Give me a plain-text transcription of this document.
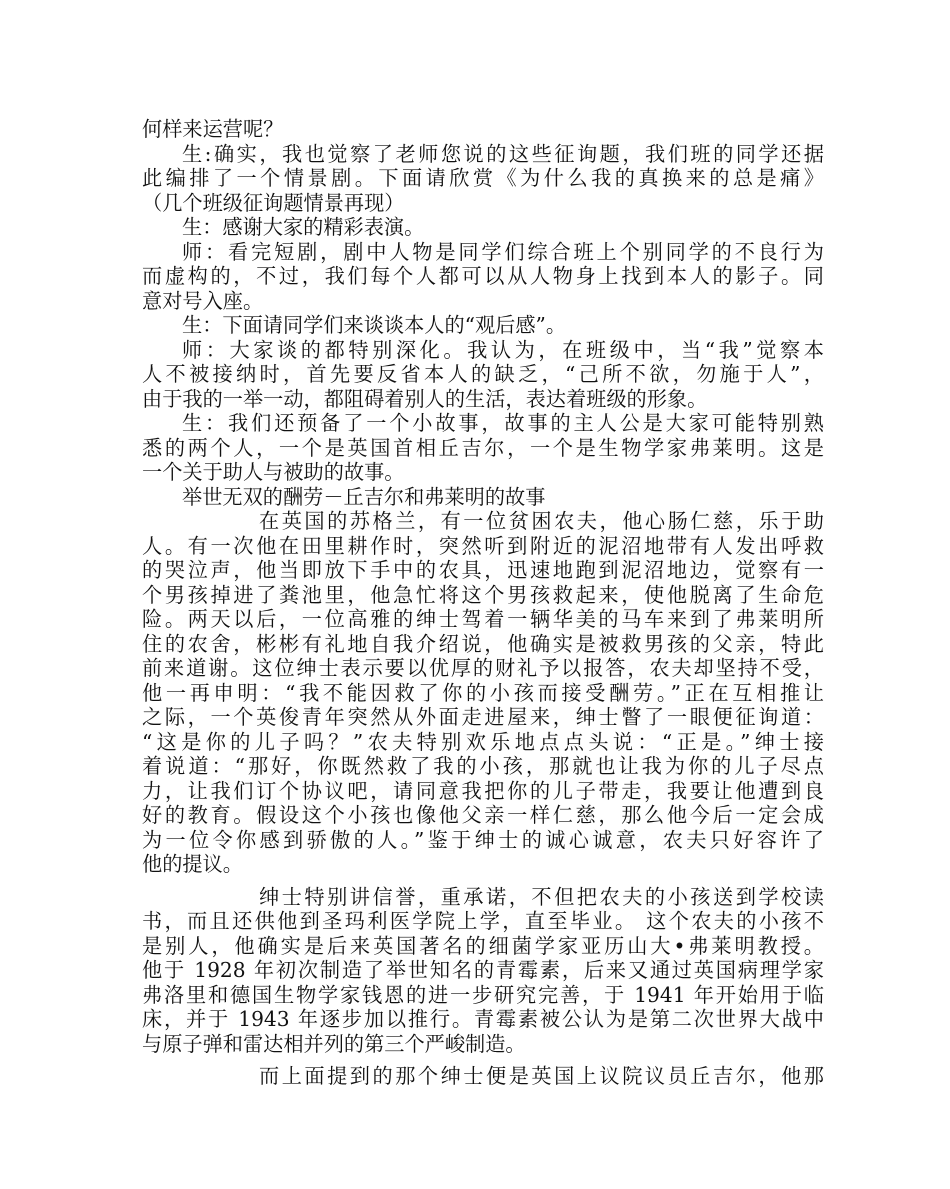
何样来运营呢？
生:确实，我也觉察了老师您说的这些征询题，我们班的同学还据
此编排了一个情景剧。下面请欣赏《为什么我的真换来的总是痛》
（几个班级征询题情景再现）
生：感谢大家的精彩表演。
师：看完短剧，剧中人物是同学们综合班上个别同学的不良行为
而虚构的，不过，我们每个人都可以从人物身上找到本人的影子。同
意对号入座。
生：下面请同学们来谈谈本人的“观后感”。
师：大家谈的都特别深化。我认为，在班级中，当“我”觉察本
人不被接纳时，首先要反省本人的缺乏，“己所不欲，勿施于人”，
由于我的一举一动，都阻碍着别人的生活，表达着班级的形象。
生：我们还预备了一个小故事，故事的主人公是大家可能特别熟
悉的两个人，一个是英国首相丘吉尔，一个是生物学家弗莱明。这是
一个关于助人与被助的故事。
举世无双的酬劳－丘吉尔和弗莱明的故事
在英国的苏格兰，有一位贫困农夫，他心肠仁慈，乐于助
人。有一次他在田里耕作时，突然听到附近的泥沼地带有人发出呼救
的哭泣声，他当即放下手中的农具，迅速地跑到泥沼地边，觉察有一
个男孩掉进了粪池里，他急忙将这个男孩救起来，使他脱离了生命危
险。两天以后，一位高雅的绅士驾着一辆华美的马车来到了弗莱明所
住的农舍，彬彬有礼地自我介绍说，他确实是被救男孩的父亲，特此
前来道谢。这位绅士表示要以优厚的财礼予以报答，农夫却坚持不受，
他一再申明：“我不能因救了你的小孩而接受酬劳。”正在互相推让
之际，一个英俊青年突然从外面走进屋来，绅士瞥了一眼便征询道：
“这是你的儿子吗？”农夫特别欢乐地点点头说：“正是。”绅士接
着说道：“那好，你既然救了我的小孩，那就也让我为你的儿子尽点
力，让我们订个协议吧，请同意我把你的儿子带走，我要让他遭到良
好的教育。假设这个小孩也像他父亲一样仁慈，那么他今后一定会成
为一位令你感到骄傲的人。”鉴于绅士的诚心诚意，农夫只好容许了
他的提议。
绅士特别讲信誉，重承诺，不但把农夫的小孩送到学校读
书，而且还供他到圣玛利医学院上学，直至毕业。 这个农夫的小孩不
是别人，他确实是后来英国著名的细菌学家亚历山大•弗莱明教授。
他于 1928 年初次制造了举世知名的青霉素，后来又通过英国病理学家
弗洛里和德国生物学家钱恩的进一步研究完善，于 1941 年开始用于临
床，并于 1943 年逐步加以推行。青霉素被公认为是第二次世界大战中
与原子弹和雷达相并列的第三个严峻制造。
而上面提到的那个绅士便是英国上议院议员丘吉尔，他那
